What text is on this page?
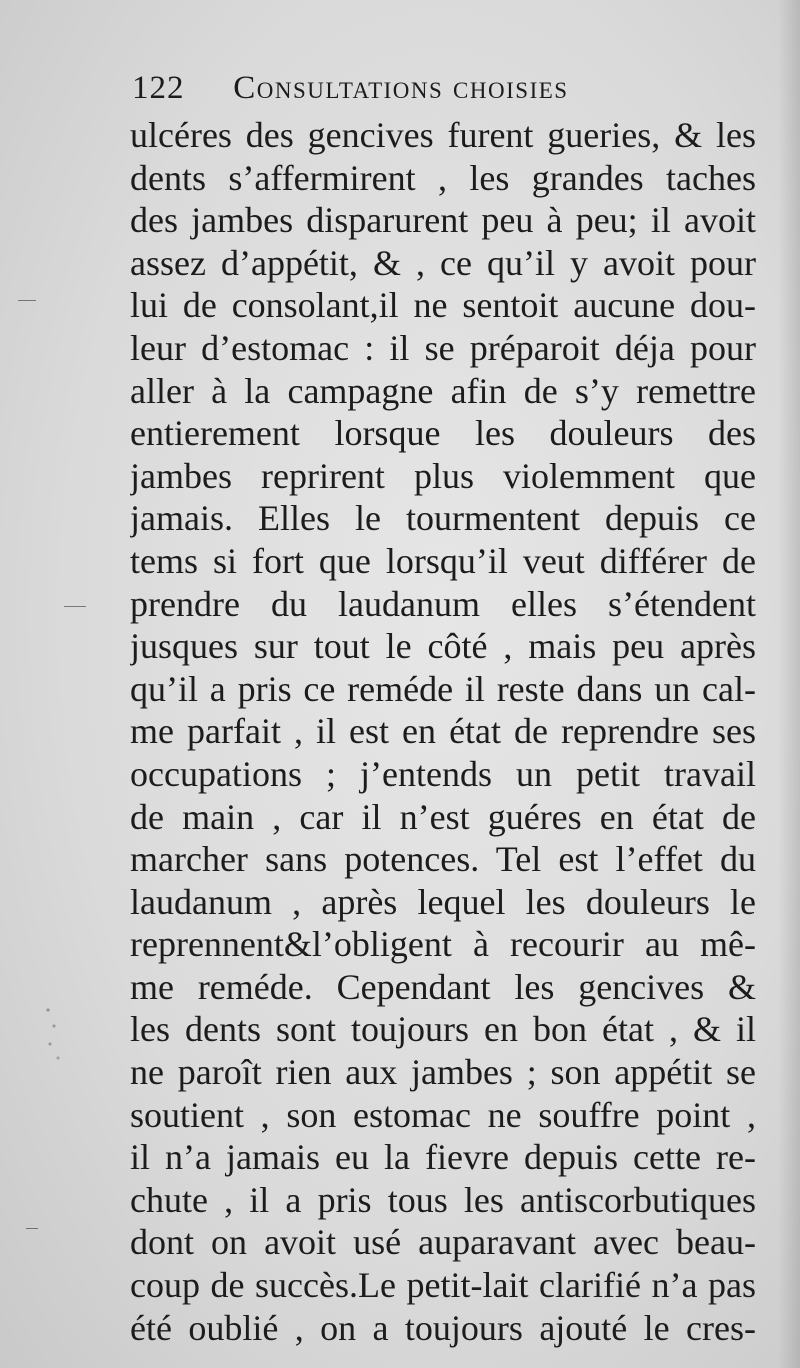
122 Consultations choisies
ulcéres des gencives furent gueries, & les
dents s’affermirent , les grandes taches
des jambes disparurent peu à peu; il avoit
assez d’appétit, & , ce qu’il y avoit pour
lui de consolant,il ne sentoit aucune dou-
leur d’estomac : il se préparoit déja pour
aller à la campagne afin de s’y remettre
entierement lorsque les douleurs des
jambes reprirent plus violemment que
jamais. Elles le tourmentent depuis ce
tems si fort que lorsqu’il veut différer de
prendre du laudanum elles s’étendent
jusques sur tout le côté , mais peu après
qu’il a pris ce reméde il reste dans un cal-
me parfait , il est en état de reprendre ses
occupations ; j’entends un petit travail
de main , car il n’est guéres en état de
marcher sans potences. Tel est l’effet du
laudanum , après lequel les douleurs le
reprennent&l’obligent à recourir au mê-
me reméde. Cependant les gencives &
les dents sont toujours en bon état , & il
ne paroît rien aux jambes ; son appétit se
soutient , son estomac ne souffre point ,
il n’a jamais eu la fievre depuis cette re-
chute , il a pris tous les antiscorbutiques
dont on avoit usé auparavant avec beau-
coup de succès.Le petit-lait clarifié n’a pas
été oublié , on a toujours ajouté le cres-
